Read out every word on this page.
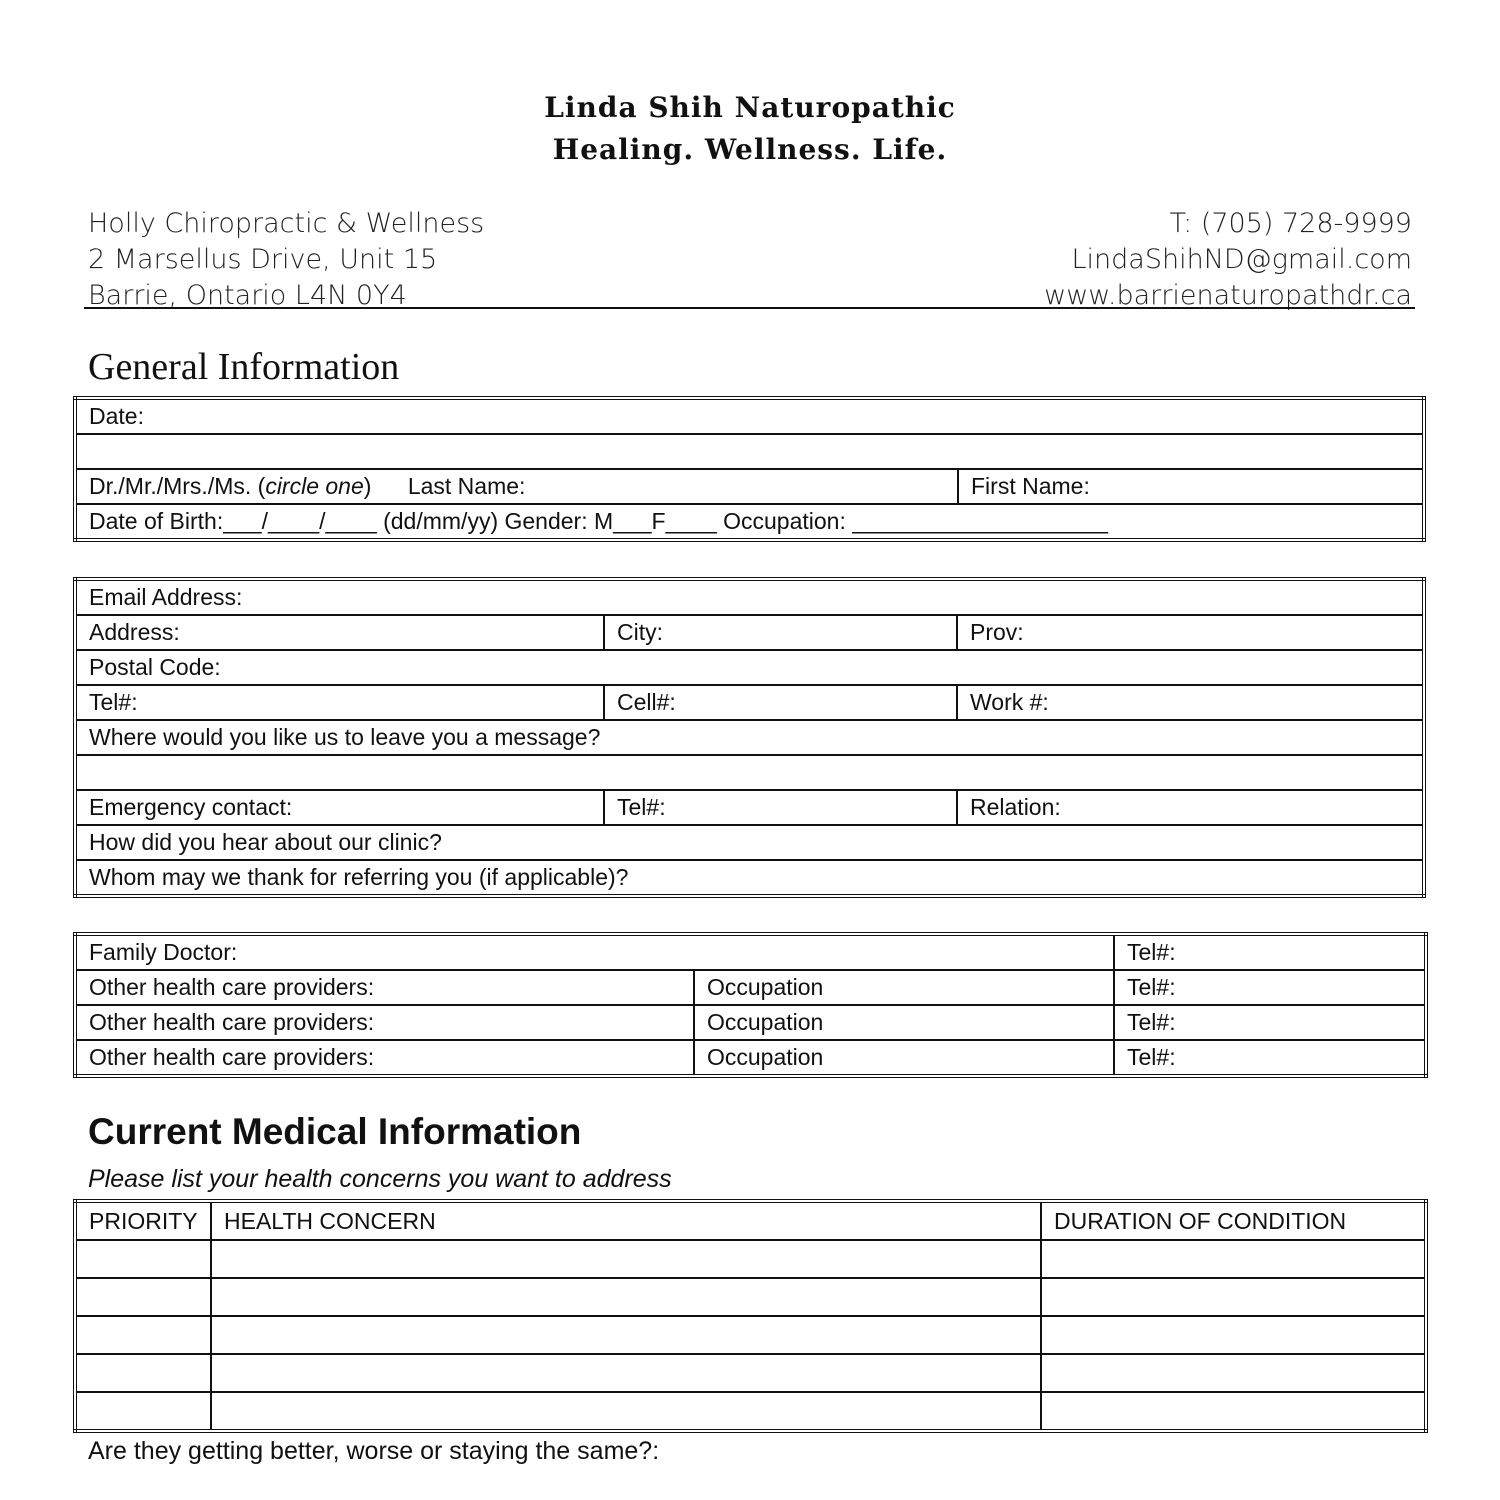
Linda Shih Naturopathic
Healing. Wellness. Life.
Holly Chiropractic & Wellness
2 Marsellus Drive, Unit 15
Barrie, Ontario L4N 0Y4
T: (705) 728-9999
LindaShihND@gmail.com
www.barrienaturopathdr.ca
General Information
Date:

Dr./Mr./Mrs./Ms. (circle one) Last Name:	First Name:
Date of Birth:___/____/____ (dd/mm/yy) Gender: M___F____ Occupation: ____________________
Email Address:		
Address:	City:	Prov:
Postal Code:		
Tel#:	Cell#:	Work #:
Where would you like us to leave you a message?		

Emergency contact:	Tel#:	Relation:
How did you hear about our clinic?		
Whom may we thank for referring you (if applicable)?		
Family Doctor:		Tel#:
Other health care providers:	Occupation	Tel#:
Other health care providers:	Occupation	Tel#:
Other health care providers:	Occupation	Tel#:
Current Medical Information
Please list your health concerns you want to address
PRIORITY	HEALTH CONCERN	DURATION OF CONDITION

Are they getting better, worse or staying the same?:
